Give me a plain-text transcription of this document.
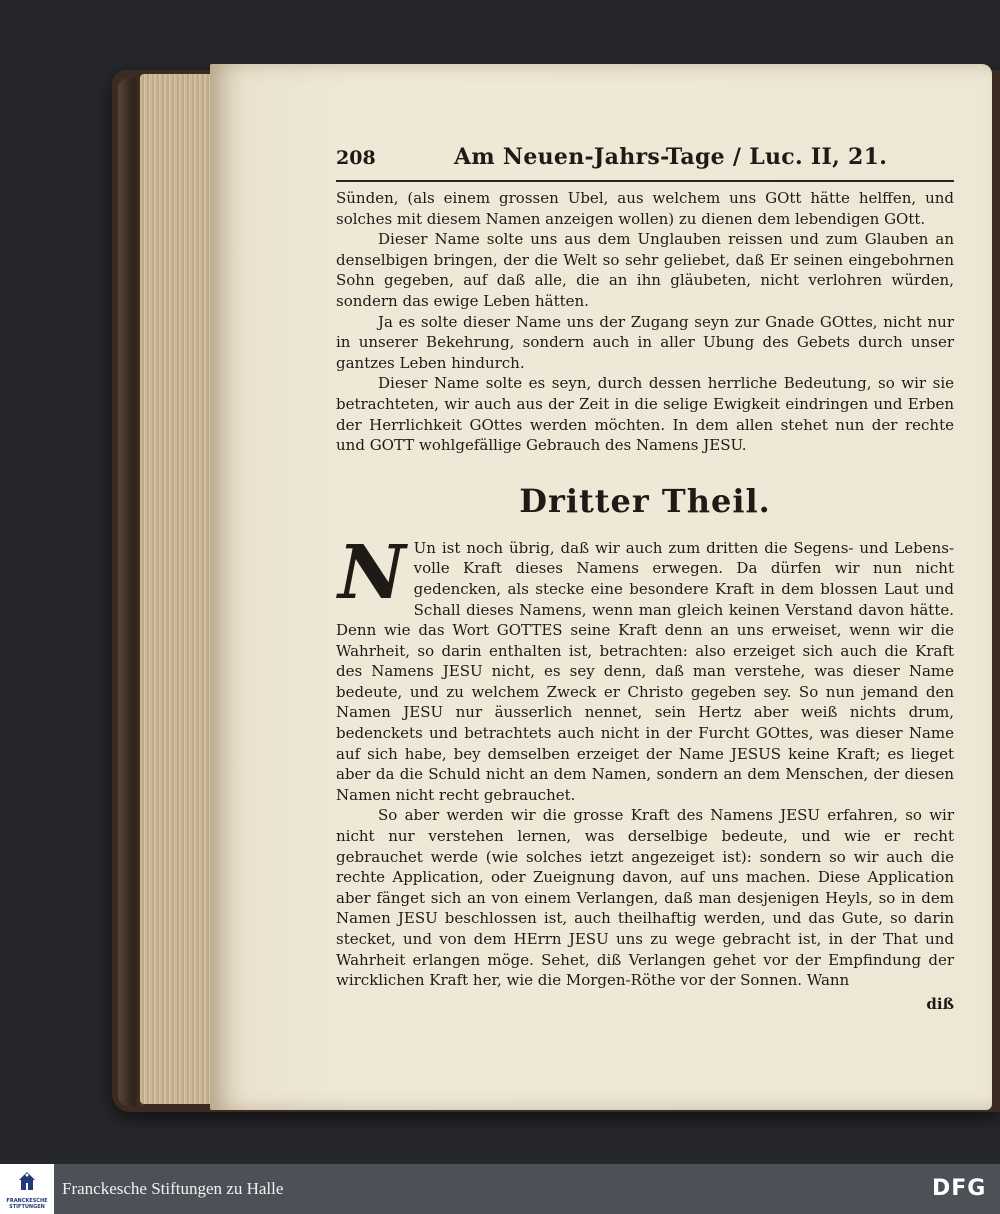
208	Am Neuen-Jahrs-Tage / Luc. II, 21.

Sünden, (als einem grossen Ubel, aus welchem uns GOtt hätte helffen, und solches mit diesem Namen anzeigen wollen) zu dienen dem lebendigen GOtt.

Dieser Name solte uns aus dem Unglauben reissen und zum Glauben an denselbigen bringen, der die Welt so sehr geliebet, daß Er seinen eingebohrnen Sohn gegeben, auf daß alle, die an ihn gläubeten, nicht verlohren würden, sondern das ewige Leben hätten.

Ja es solte dieser Name uns der Zugang seyn zur Gnade GOttes, nicht nur in unserer Bekehrung, sondern auch in aller Ubung des Gebets durch unser gantzes Leben hindurch.

Dieser Name solte es seyn, durch dessen herrliche Bedeutung, so wir sie betrachteten, wir auch aus der Zeit in die selige Ewigkeit eindringen und Erben der Herrlichkeit GOttes werden möchten. In dem allen stehet nun der rechte und GOTT wohlgefällige Gebrauch des Namens JESU.

Dritter Theil.

N Un ist noch übrig, daß wir auch zum dritten die Segens- und Lebens-volle Kraft dieses Namens erwegen. Da dürfen wir nun nicht gedencken, als stecke eine besondere Kraft in dem blossen Laut und Schall dieses Namens, wenn man gleich keinen Verstand davon hätte. Denn wie das Wort GOTTES seine Kraft denn an uns erweiset, wenn wir die Wahrheit, so darin enthalten ist, betrachten: also erzeiget sich auch die Kraft des Namens JESU nicht, es sey denn, daß man verstehe, was dieser Name bedeute, und zu welchem Zweck er Christo gegeben sey. So nun jemand den Namen JESU nur äusserlich nennet, sein Hertz aber weiß nichts drum, bedenckets und betrachtets auch nicht in der Furcht GOttes, was dieser Name auf sich habe, bey demselben erzeiget der Name JESUS keine Kraft; es lieget aber da die Schuld nicht an dem Namen, sondern an dem Menschen, der diesen Namen nicht recht gebrauchet.

So aber werden wir die grosse Kraft des Namens JESU erfahren, so wir nicht nur verstehen lernen, was derselbige bedeute, und wie er recht gebrauchet werde (wie solches ietzt angezeiget ist): sondern so wir auch die rechte Application, oder Zueignung davon, auf uns machen. Diese Application aber fänget sich an von einem Verlangen, daß man desjenigen Heyls, so in dem Namen JESU beschlossen ist, auch theilhaftig werden, und das Gute, so darin stecket, und von dem HErrn JESU uns zu wege gebracht ist, in der That und Wahrheit erlangen möge. Sehet, diß Verlangen gehet vor der Empfindung der wircklichen Kraft her, wie die Morgen-Röthe vor der Sonnen. Wann

diß
FRANCKESCHE STIFTUNGEN
Franckesche Stiftungen zu Halle	DFG
